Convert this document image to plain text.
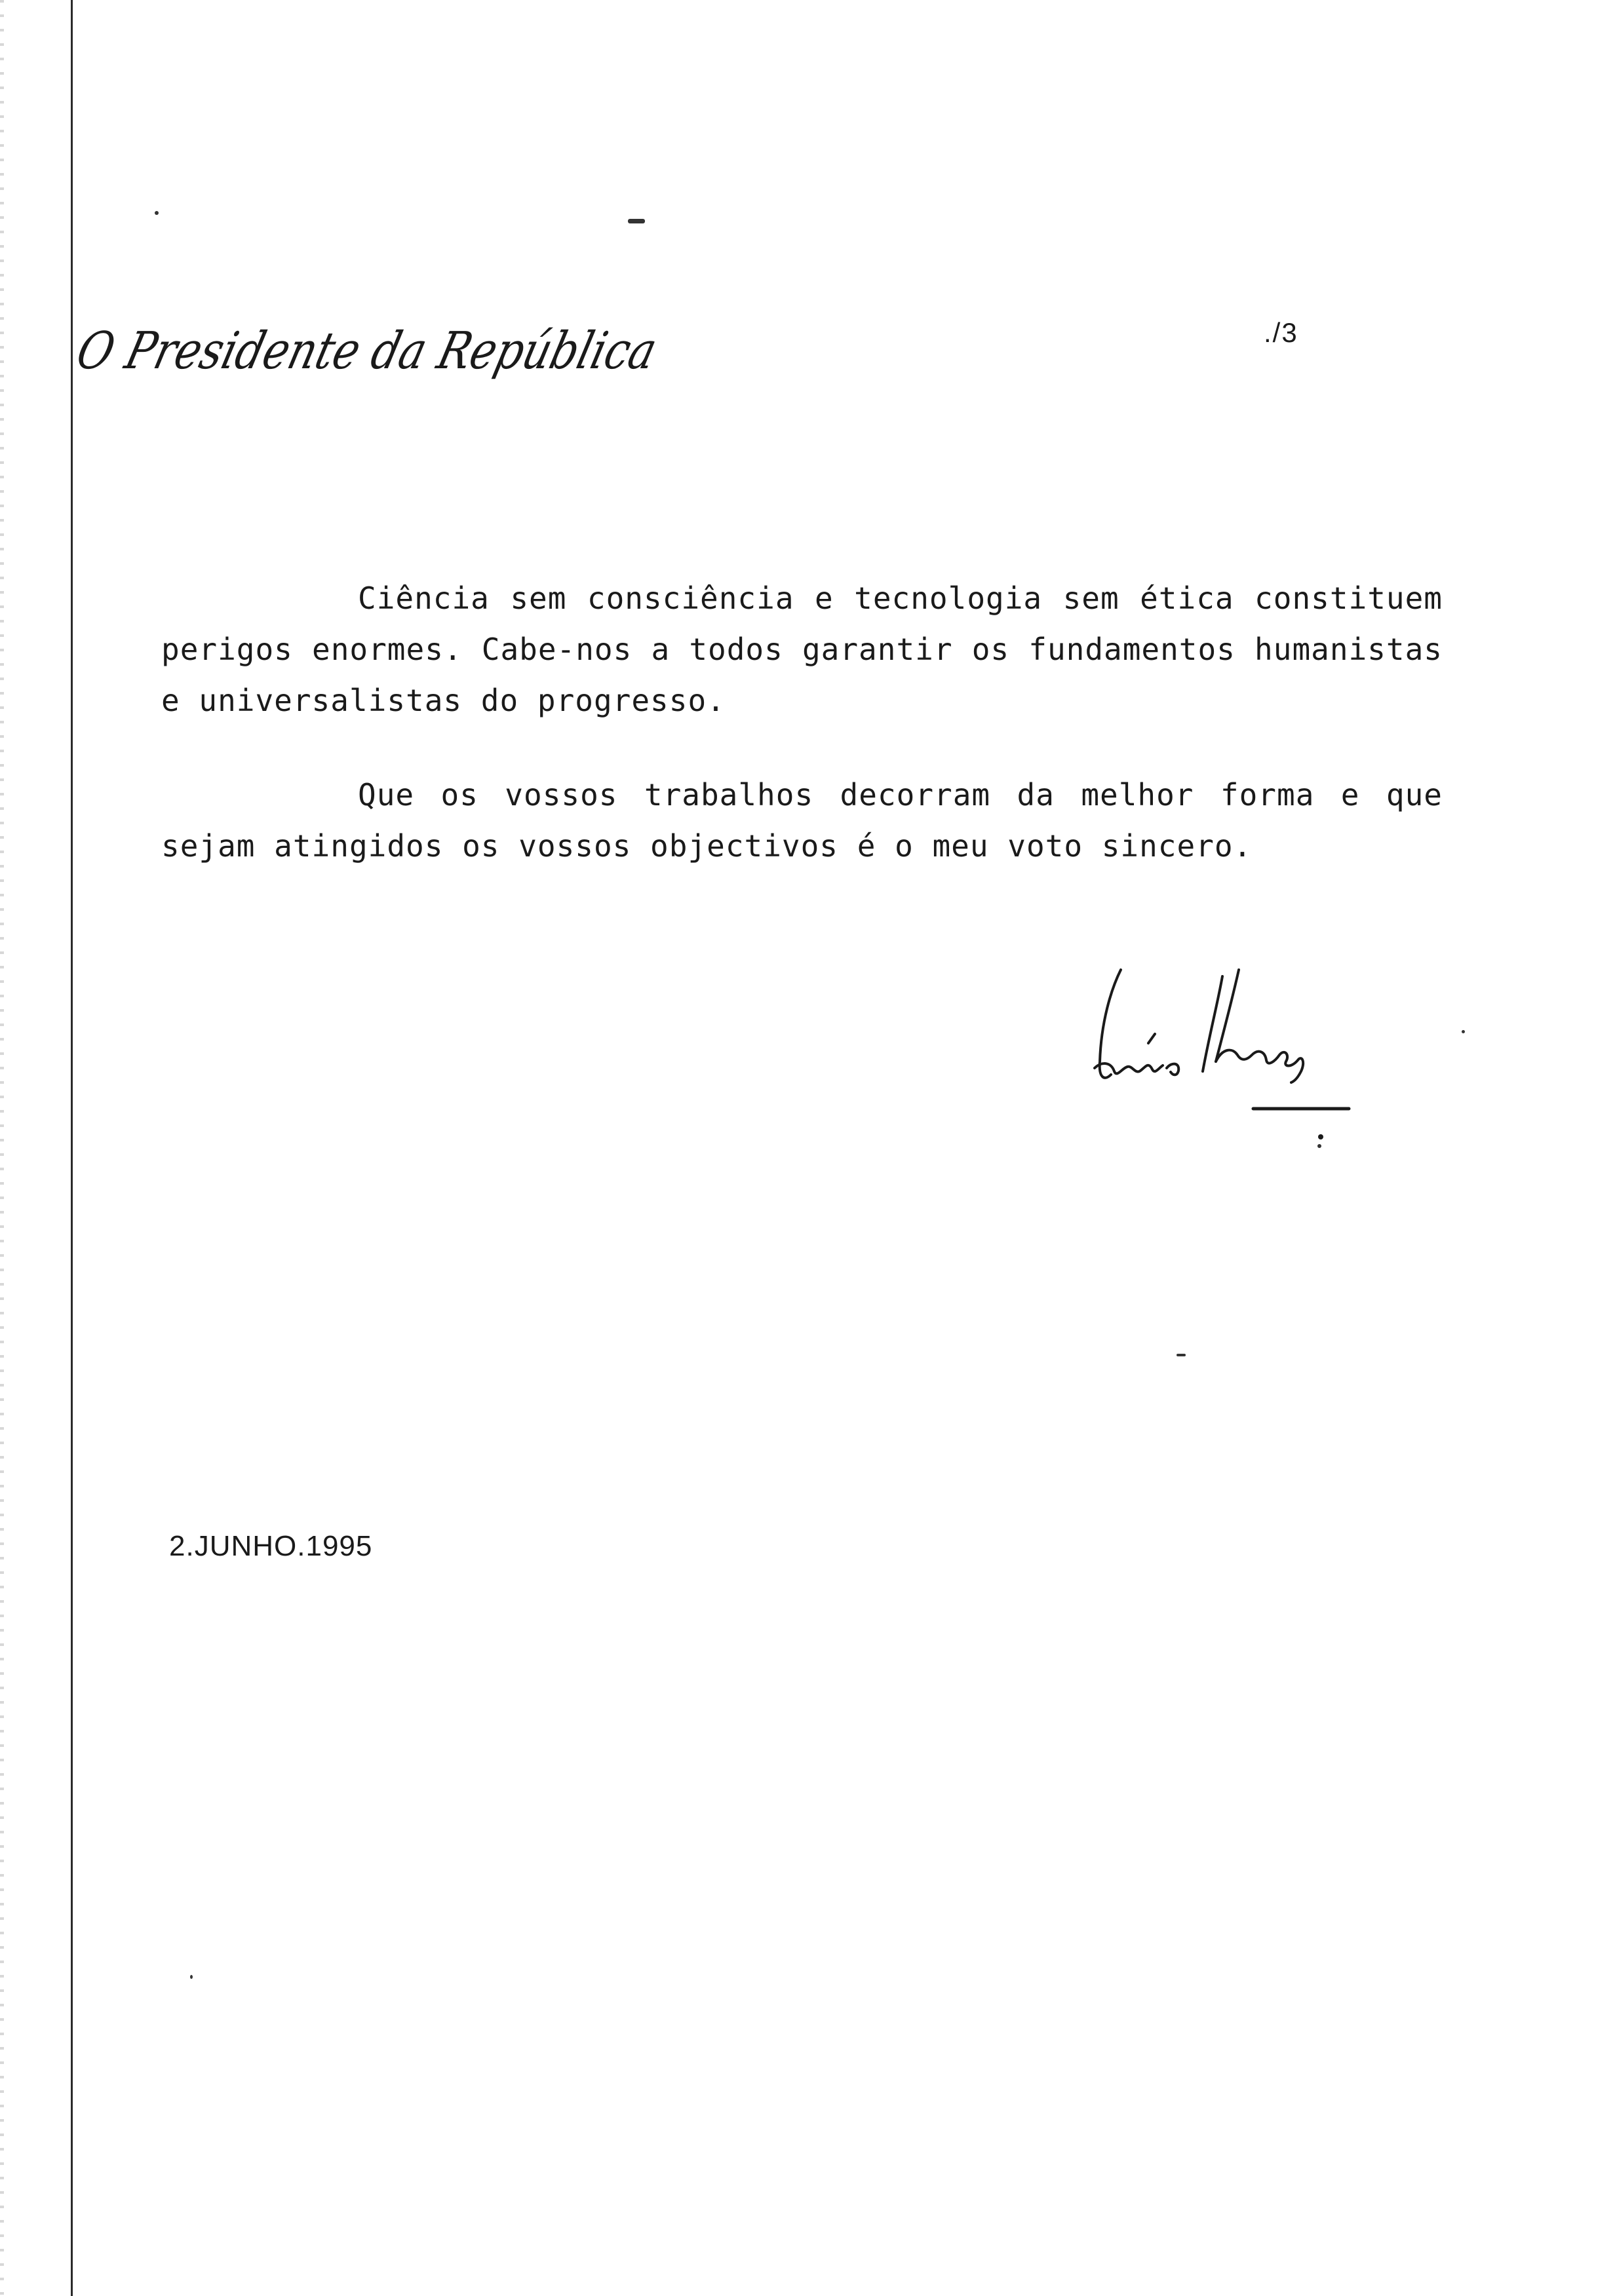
O Presidente da República	./3

Ciência sem consciência e tecnologia sem ética constituem perigos enormes. Cabe-nos a todos garantir os fundamentos humanistas e universalistas do progresso.

Que os vossos trabalhos decorram da melhor forma e que sejam atingidos os vossos objectivos é o meu voto sincero.

2.JUNHO.1995
